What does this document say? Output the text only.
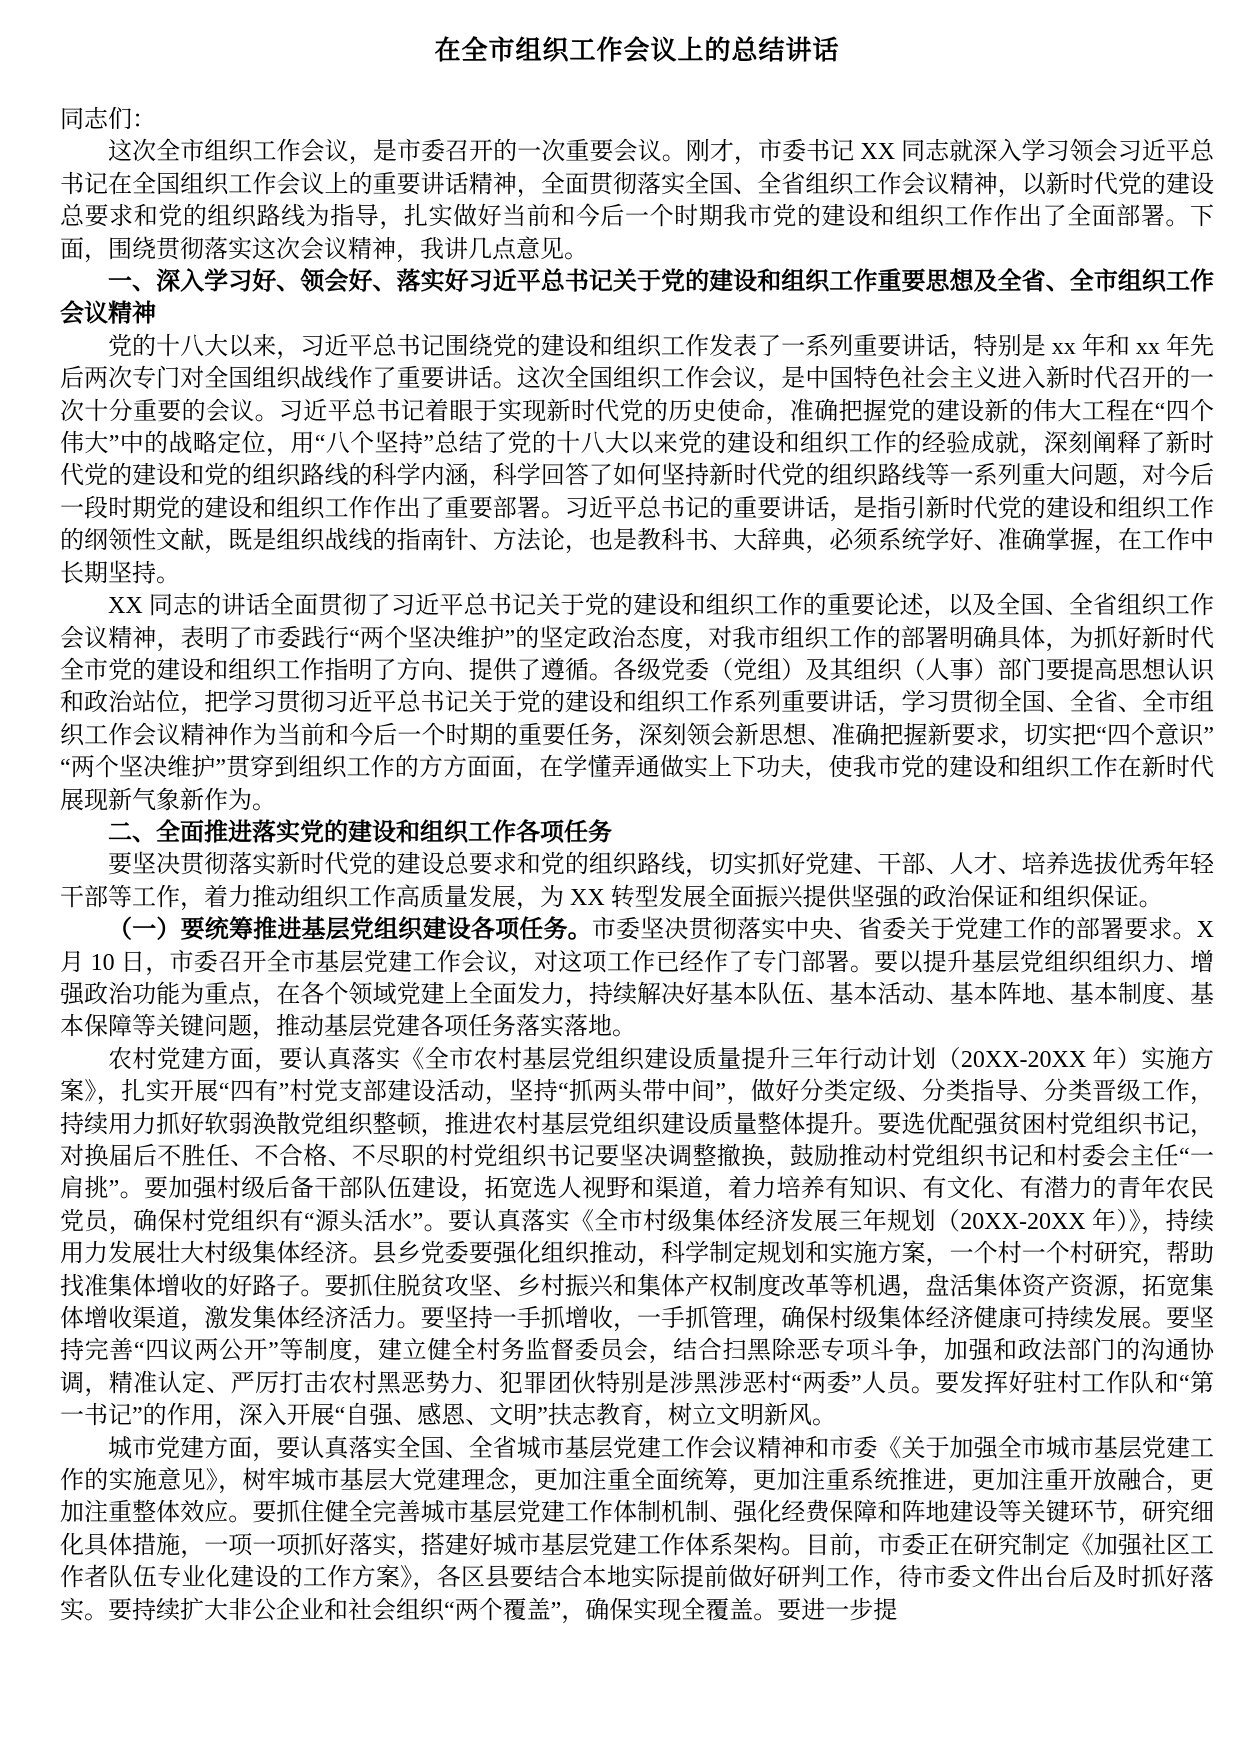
在全市组织工作会议上的总结讲话

同志们：

这次全市组织工作会议，是市委召开的一次重要会议。刚才，市委书记 XX 同志就深入学习领会习近平总书记在全国组织工作会议上的重要讲话精神，全面贯彻落实全国、全省组织工作会议精神，以新时代党的建设总要求和党的组织路线为指导，扎实做好当前和今后一个时期我市党的建设和组织工作作出了全面部署。下面，围绕贯彻落实这次会议精神，我讲几点意见。

一、深入学习好、领会好、落实好习近平总书记关于党的建设和组织工作重要思想及全省、全市组织工作会议精神

党的十八大以来，习近平总书记围绕党的建设和组织工作发表了一系列重要讲话，特别是 xx 年和 xx 年先后两次专门对全国组织战线作了重要讲话。这次全国组织工作会议，是中国特色社会主义进入新时代召开的一次十分重要的会议。习近平总书记着眼于实现新时代党的历史使命，准确把握党的建设新的伟大工程在“四个伟大”中的战略定位，用“八个坚持”总结了党的十八大以来党的建设和组织工作的经验成就，深刻阐释了新时代党的建设和党的组织路线的科学内涵，科学回答了如何坚持新时代党的组织路线等一系列重大问题，对今后一段时期党的建设和组织工作作出了重要部署。习近平总书记的重要讲话，是指引新时代党的建设和组织工作的纲领性文献，既是组织战线的指南针、方法论，也是教科书、大辞典，必须系统学好、准确掌握，在工作中长期坚持。

XX 同志的讲话全面贯彻了习近平总书记关于党的建设和组织工作的重要论述，以及全国、全省组织工作会议精神，表明了市委践行“两个坚决维护”的坚定政治态度，对我市组织工作的部署明确具体，为抓好新时代全市党的建设和组织工作指明了方向、提供了遵循。各级党委（党组）及其组织（人事）部门要提高思想认识和政治站位，把学习贯彻习近平总书记关于党的建设和组织工作系列重要讲话，学习贯彻全国、全省、全市组织工作会议精神作为当前和今后一个时期的重要任务，深刻领会新思想、准确把握新要求，切实把“四个意识”“两个坚决维护”贯穿到组织工作的方方面面，在学懂弄通做实上下功夫，使我市党的建设和组织工作在新时代展现新气象新作为。

二、全面推进落实党的建设和组织工作各项任务

要坚决贯彻落实新时代党的建设总要求和党的组织路线，切实抓好党建、干部、人才、培养选拔优秀年轻干部等工作，着力推动组织工作高质量发展，为 XX 转型发展全面振兴提供坚强的政治保证和组织保证。

（一）要统筹推进基层党组织建设各项任务。市委坚决贯彻落实中央、省委关于党建工作的部署要求。X 月 10 日，市委召开全市基层党建工作会议，对这项工作已经作了专门部署。要以提升基层党组织组织力、增强政治功能为重点，在各个领域党建上全面发力，持续解决好基本队伍、基本活动、基本阵地、基本制度、基本保障等关键问题，推动基层党建各项任务落实落地。

农村党建方面，要认真落实《全市农村基层党组织建设质量提升三年行动计划（20XX-20XX 年）实施方案》，扎实开展“四有”村党支部建设活动，坚持“抓两头带中间”，做好分类定级、分类指导、分类晋级工作，持续用力抓好软弱涣散党组织整顿，推进农村基层党组织建设质量整体提升。要选优配强贫困村党组织书记，对换届后不胜任、不合格、不尽职的村党组织书记要坚决调整撤换，鼓励推动村党组织书记和村委会主任“一肩挑”。要加强村级后备干部队伍建设，拓宽选人视野和渠道，着力培养有知识、有文化、有潜力的青年农民党员，确保村党组织有“源头活水”。要认真落实《全市村级集体经济发展三年规划（20XX-20XX 年）》，持续用力发展壮大村级集体经济。县乡党委要强化组织推动，科学制定规划和实施方案，一个村一个村研究，帮助找准集体增收的好路子。要抓住脱贫攻坚、乡村振兴和集体产权制度改革等机遇，盘活集体资产资源，拓宽集体增收渠道，激发集体经济活力。要坚持一手抓增收，一手抓管理，确保村级集体经济健康可持续发展。要坚持完善“四议两公开”等制度，建立健全村务监督委员会，结合扫黑除恶专项斗争，加强和政法部门的沟通协调，精准认定、严厉打击农村黑恶势力、犯罪团伙特别是涉黑涉恶村“两委”人员。要发挥好驻村工作队和“第一书记”的作用，深入开展“自强、感恩、文明”扶志教育，树立文明新风。

城市党建方面，要认真落实全国、全省城市基层党建工作会议精神和市委《关于加强全市城市基层党建工作的实施意见》，树牢城市基层大党建理念，更加注重全面统筹，更加注重系统推进，更加注重开放融合，更加注重整体效应。要抓住健全完善城市基层党建工作体制机制、强化经费保障和阵地建设等关键环节，研究细化具体措施，一项一项抓好落实，搭建好城市基层党建工作体系架构。目前，市委正在研究制定《加强社区工作者队伍专业化建设的工作方案》，各区县要结合本地实际提前做好研判工作，待市委文件出台后及时抓好落实。要持续扩大非公企业和社会组织“两个覆盖”，确保实现全覆盖。要进一步提
